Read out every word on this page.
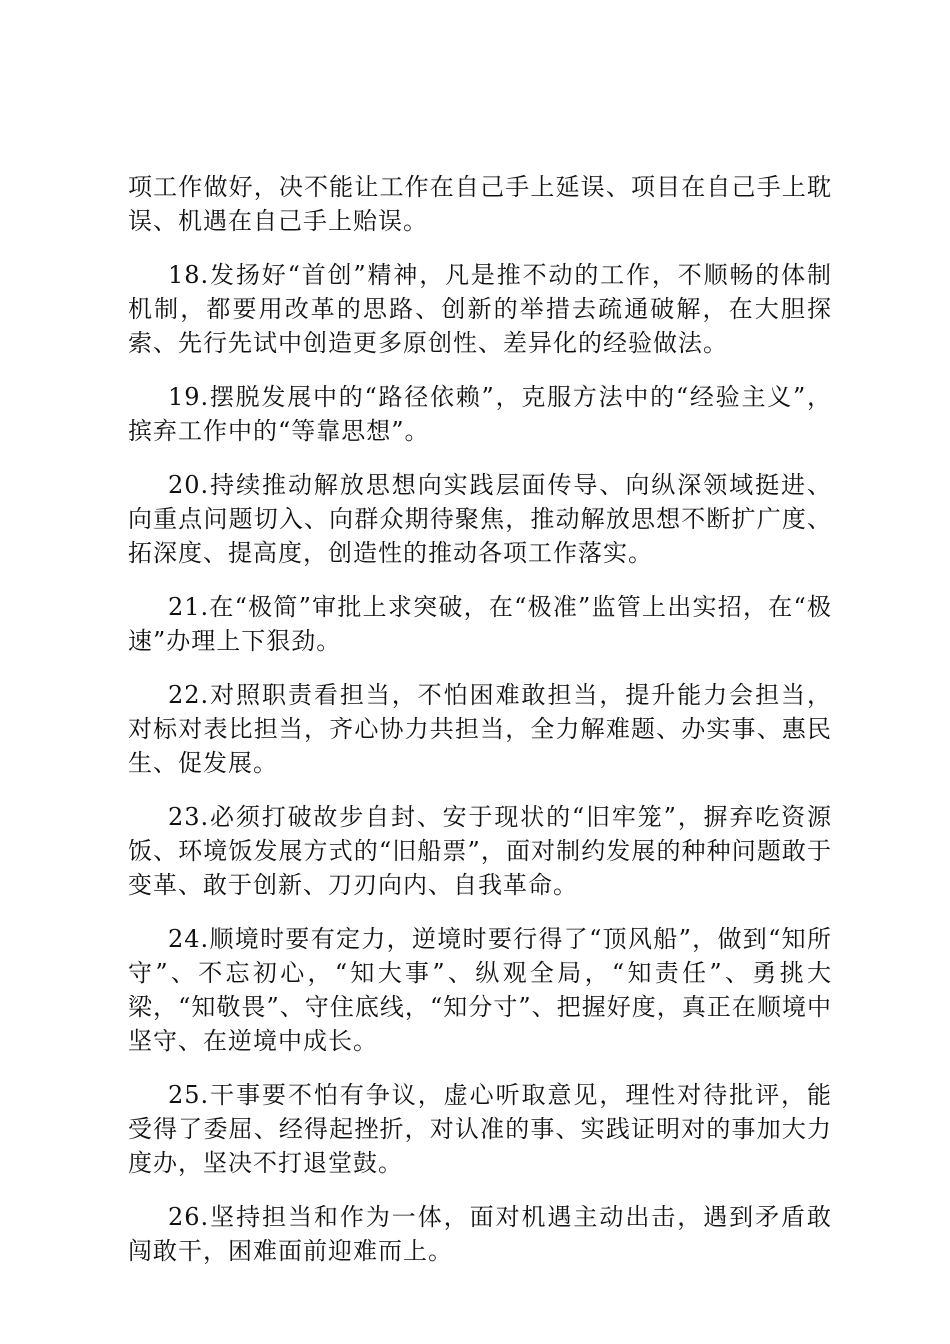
项工作做好，决不能让工作在自己手上延误、项目在自己手上耽误、机遇在自己手上贻误。

18.发扬好“首创”精神，凡是推不动的工作，不顺畅的体制机制，都要用改革的思路、创新的举措去疏通破解，在大胆探索、先行先试中创造更多原创性、差异化的经验做法。

19.摆脱发展中的“路径依赖”，克服方法中的“经验主义”，摈弃工作中的“等靠思想”。

20.持续推动解放思想向实践层面传导、向纵深领域挺进、向重点问题切入、向群众期待聚焦，推动解放思想不断扩广度、拓深度、提高度，创造性的推动各项工作落实。

21.在“极简”审批上求突破，在“极准”监管上出实招，在“极速”办理上下狠劲。

22.对照职责看担当，不怕困难敢担当，提升能力会担当，对标对表比担当，齐心协力共担当，全力解难题、办实事、惠民生、促发展。

23.必须打破故步自封、安于现状的“旧牢笼”，摒弃吃资源饭、环境饭发展方式的“旧船票”，面对制约发展的种种问题敢于变革、敢于创新、刀刃向内、自我革命。

24.顺境时要有定力，逆境时要行得了“顶风船”，做到“知所守”、不忘初心，“知大事”、纵观全局，“知责任”、勇挑大梁，“知敬畏”、守住底线，“知分寸”、把握好度，真正在顺境中坚守、在逆境中成长。

25.干事要不怕有争议，虚心听取意见，理性对待批评，能受得了委屈、经得起挫折，对认准的事、实践证明对的事加大力度办，坚决不打退堂鼓。

26.坚持担当和作为一体，面对机遇主动出击，遇到矛盾敢闯敢干，困难面前迎难而上。
